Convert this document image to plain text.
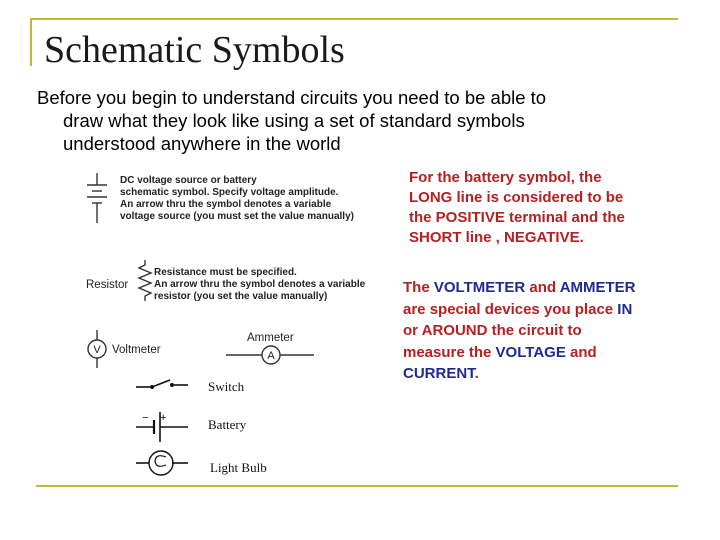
Schematic Symbols

Before you begin to understand circuits you need to be able to
draw what they look like using a set of standard symbols
understood anywhere in the world

For the battery symbol, the
LONG line is considered to be
the POSITIVE terminal and the
SHORT line , NEGATIVE.

The VOLTMETER and AMMETER
are special devices you place IN
or AROUND the circuit to
measure the VOLTAGE and
CURRENT.

DC voltage source or battery
schematic symbol. Specify voltage amplitude.
An arrow thru the symbol denotes a variable
voltage source (you must set the value manually)
Resistor
Resistance must be specified.
An arrow thru the symbol denotes a variable
resistor (you set the value manually)
V Voltmeter
Ammeter
A
Switch
− +	Battery
Light Bulb
